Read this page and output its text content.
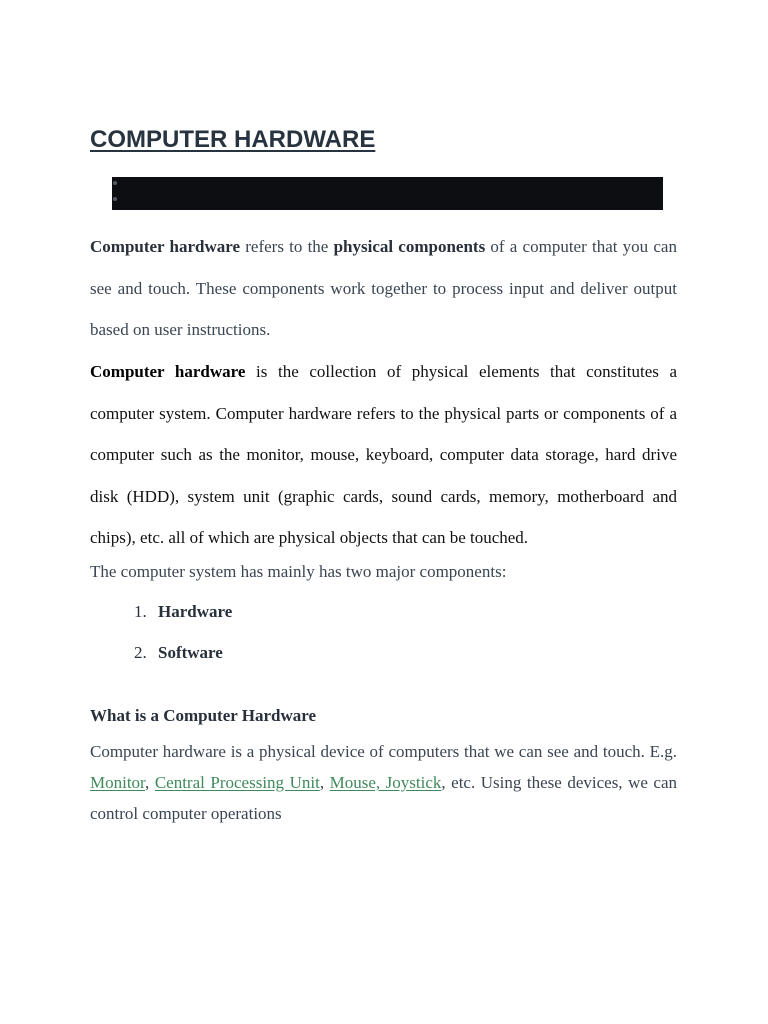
COMPUTER HARDWARE

Computer hardware refers to the physical components of a computer that you can see and touch. These components work together to process input and deliver output based on user instructions.

Computer hardware is the collection of physical elements that constitutes a computer system. Computer hardware refers to the physical parts or components of a computer such as the monitor, mouse, keyboard, computer data storage, hard drive disk (HDD), system unit (graphic cards, sound cards, memory, motherboard and chips), etc. all of which are physical objects that can be touched.

The computer system has mainly has two major components:

1. Hardware
2. Software
What is a Computer Hardware

Computer hardware is a physical device of computers that we can see and touch. E.g. Monitor, Central Processing Unit, Mouse, Joystick, etc. Using these devices, we can control computer operations
